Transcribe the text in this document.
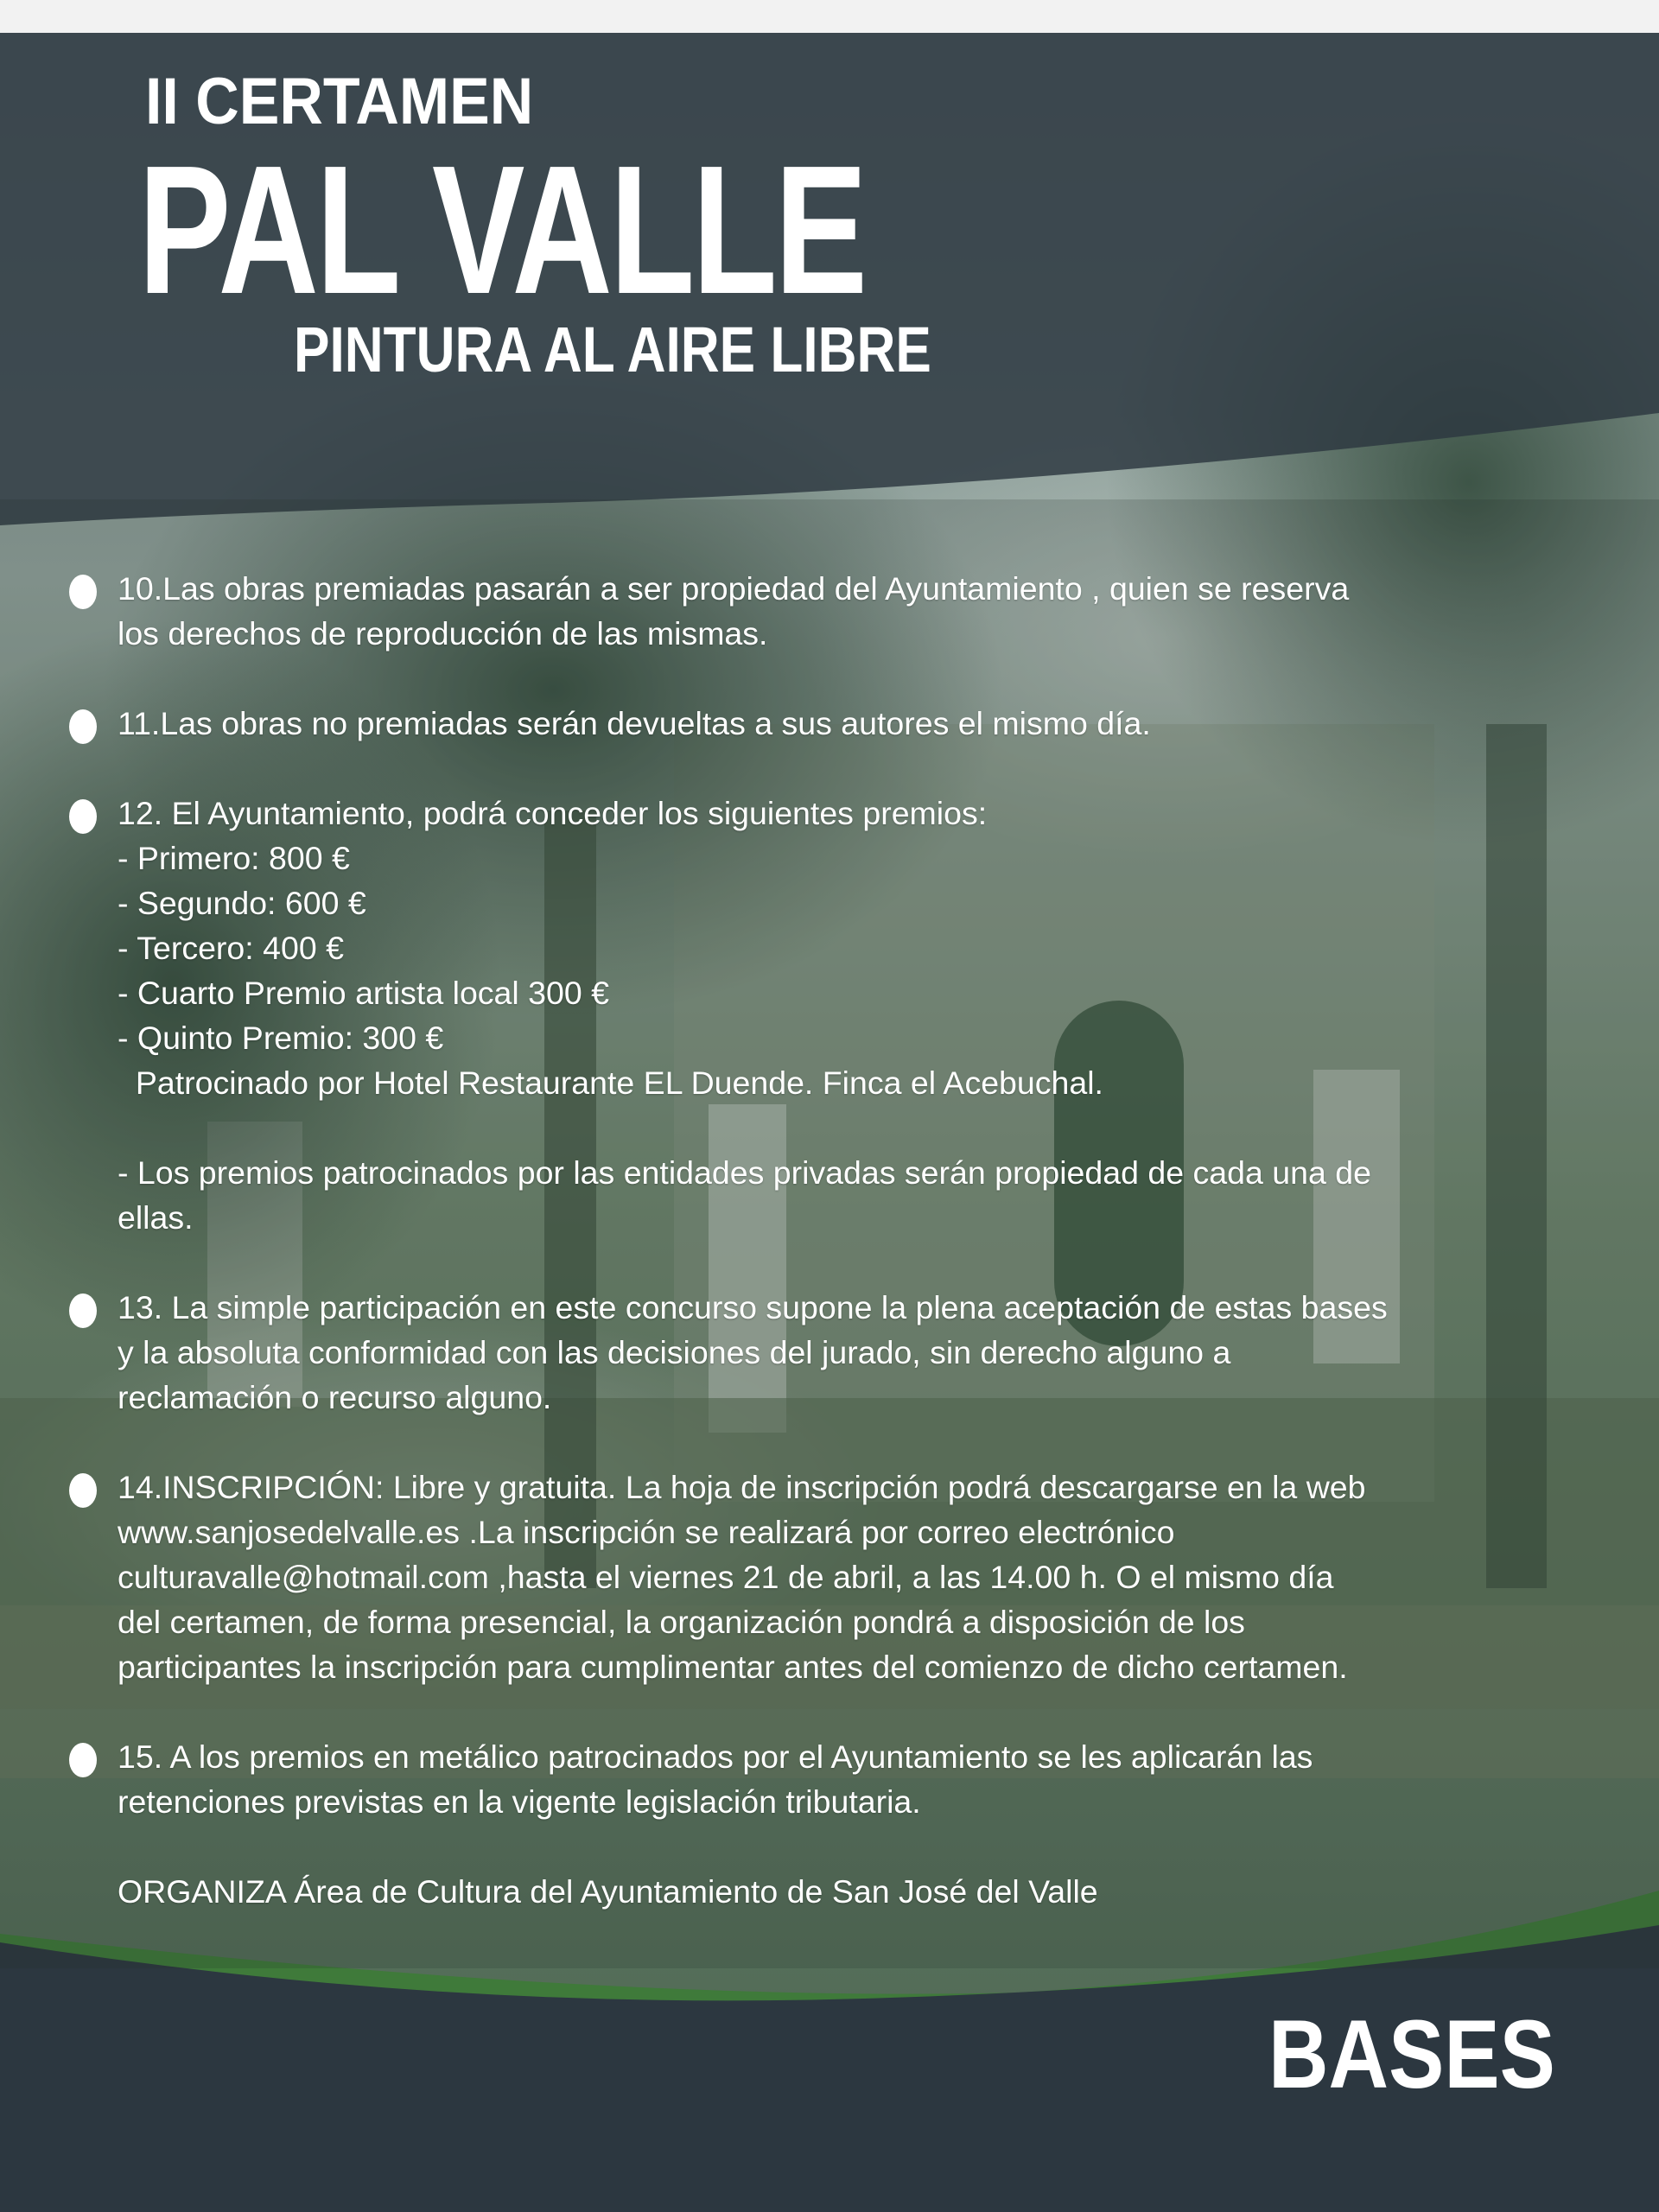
II CERTAMEN
PAL VALLE
PINTURA AL AIRE LIBRE
10.Las obras premiadas pasarán a ser propiedad del Ayuntamiento , quien se reserva
los derechos de reproducción de las mismas.
11.Las obras no premiadas serán devueltas a sus autores el mismo día.
12. El Ayuntamiento, podrá conceder los siguientes premios:
- Primero: 800 €
- Segundo: 600 €
- Tercero: 400 €
- Cuarto Premio artista local 300 €
- Quinto Premio: 300 €
Patrocinado por Hotel Restaurante EL Duende. Finca el Acebuchal.
- Los premios patrocinados por las entidades privadas serán propiedad de cada una de
ellas.
13. La simple participación en este concurso supone la plena aceptación de estas bases
y la absoluta conformidad con las decisiones del jurado, sin derecho alguno a
reclamación o recurso alguno.
14.INSCRIPCIÓN: Libre y gratuita. La hoja de inscripción podrá descargarse en la web
www.sanjosedelvalle.es .La inscripción se realizará por correo electrónico
culturavalle@hotmail.com ,hasta el viernes 21 de abril, a las 14.00 h. O el mismo día
del certamen, de forma presencial, la organización pondrá a disposición de los
participantes la inscripción para cumplimentar antes del comienzo de dicho certamen.
15. A los premios en metálico patrocinados por el Ayuntamiento se les aplicarán las
retenciones previstas en la vigente legislación tributaria.
ORGANIZA Área de Cultura del Ayuntamiento de San José del Valle
BASES
